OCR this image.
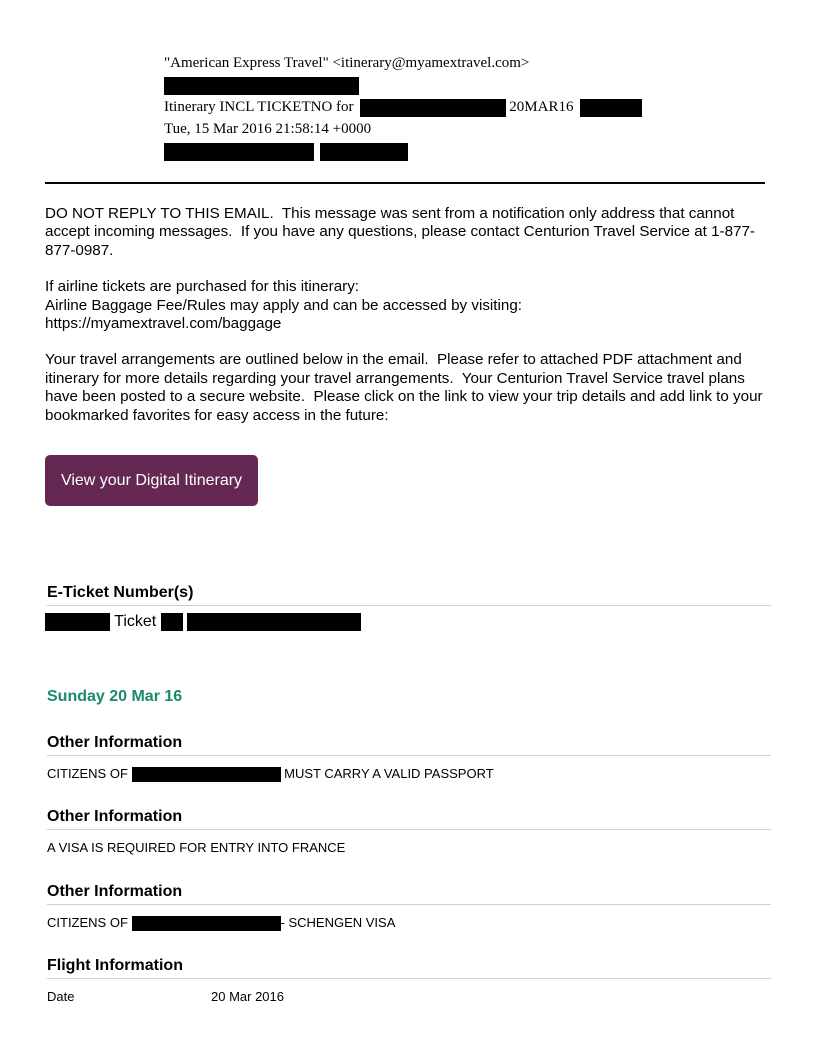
"American Express Travel" <itinerary@myamextravel.com>
Itinerary INCL TICKETNO for	20MAR16
Tue, 15 Mar 2016 21:58:14 +0000

DO NOT REPLY TO THIS EMAIL.  This message was sent from a notification only address that cannot accept incoming messages.  If you have any questions, please contact Centurion Travel Service at 1-877-877-0987.

If airline tickets are purchased for this itinerary:
Airline Baggage Fee/Rules may apply and can be accessed by visiting:
https://myamextravel.com/baggage

Your travel arrangements are outlined below in the email.  Please refer to attached PDF attachment and itinerary for more details regarding your travel arrangements.  Your Centurion Travel Service travel plans have been posted to a secure website.  Please click on the link to view your trip details and add link to your bookmarked favorites for easy access in the future:

View your Digital Itinerary
E-Ticket Number(s)
Ticket
Sunday 20 Mar 16
Other Information
CITIZENS OF	MUST CARRY A VALID PASSPORT
Other Information
A VISA IS REQUIRED FOR ENTRY INTO FRANCE
Other Information
CITIZENS OF	- SCHENGEN VISA
Flight Information
Date	20 Mar 2016
